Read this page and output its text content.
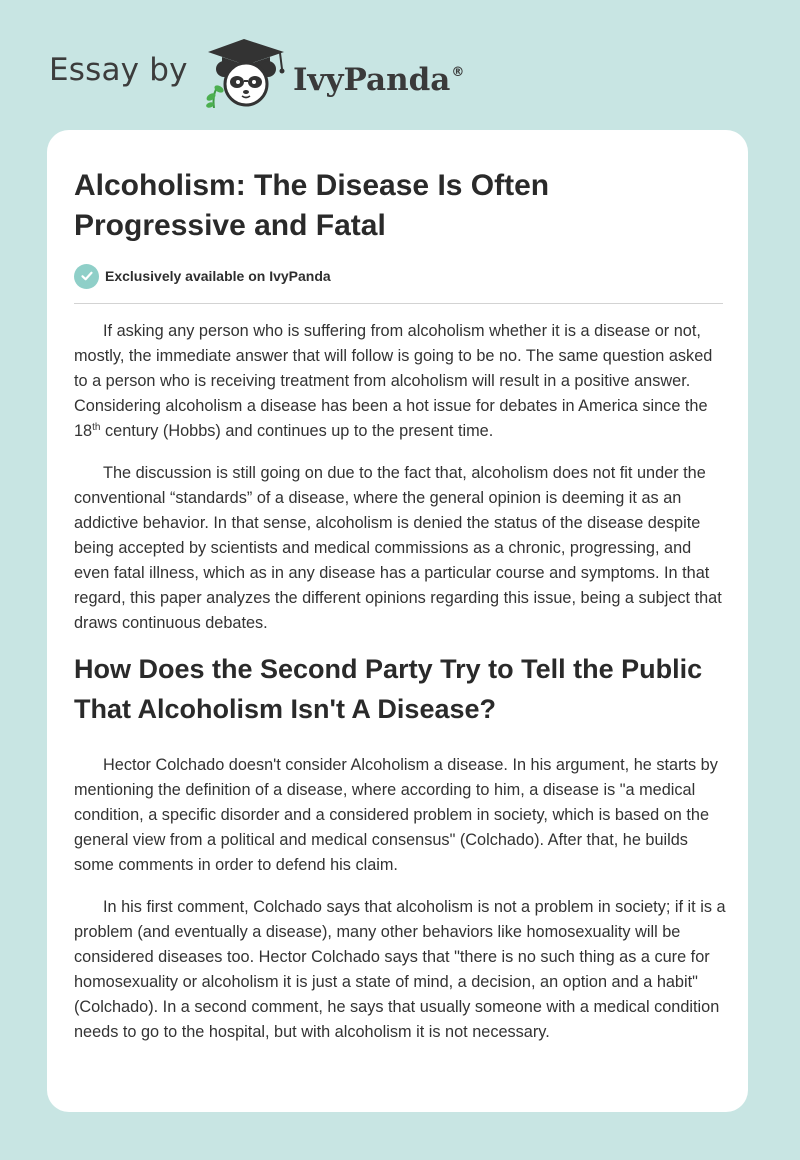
Essay by	IvyPanda®
Alcoholism: The Disease Is Often Progressive and Fatal
Exclusively available on IvyPanda

If asking any person who is suffering from alcoholism whether it is a disease or not, mostly, the immediate answer that will follow is going to be no. The same question asked to a person who is receiving treatment from alcoholism will result in a positive answer. Considering alcoholism a disease has been a hot issue for debates in America since the 18th century (Hobbs) and continues up to the present time.

The discussion is still going on due to the fact that, alcoholism does not fit under the conventional “standards” of a disease, where the general opinion is deeming it as an addictive behavior. In that sense, alcoholism is denied the status of the disease despite being accepted by scientists and medical commissions as a chronic, progressing, and even fatal illness, which as in any disease has a particular course and symptoms. In that regard, this paper analyzes the different opinions regarding this issue, being a subject that draws continuous debates.

How Does the Second Party Try to Tell the Public That Alcoholism Isn't A Disease?

Hector Colchado doesn't consider Alcoholism a disease. In his argument, he starts by mentioning the definition of a disease, where according to him, a disease is "a medical condition, a specific disorder and a considered problem in society, which is based on the general view from a political and medical consensus" (Colchado). After that, he builds some comments in order to defend his claim.

In his first comment, Colchado says that alcoholism is not a problem in society; if it is a problem (and eventually a disease), many other behaviors like homosexuality will be considered diseases too. Hector Colchado says that "there is no such thing as a cure for homosexuality or alcoholism it is just a state of mind, a decision, an option and a habit" (Colchado). In a second comment, he says that usually someone with a medical condition needs to go to the hospital, but with alcoholism it is not necessary.
